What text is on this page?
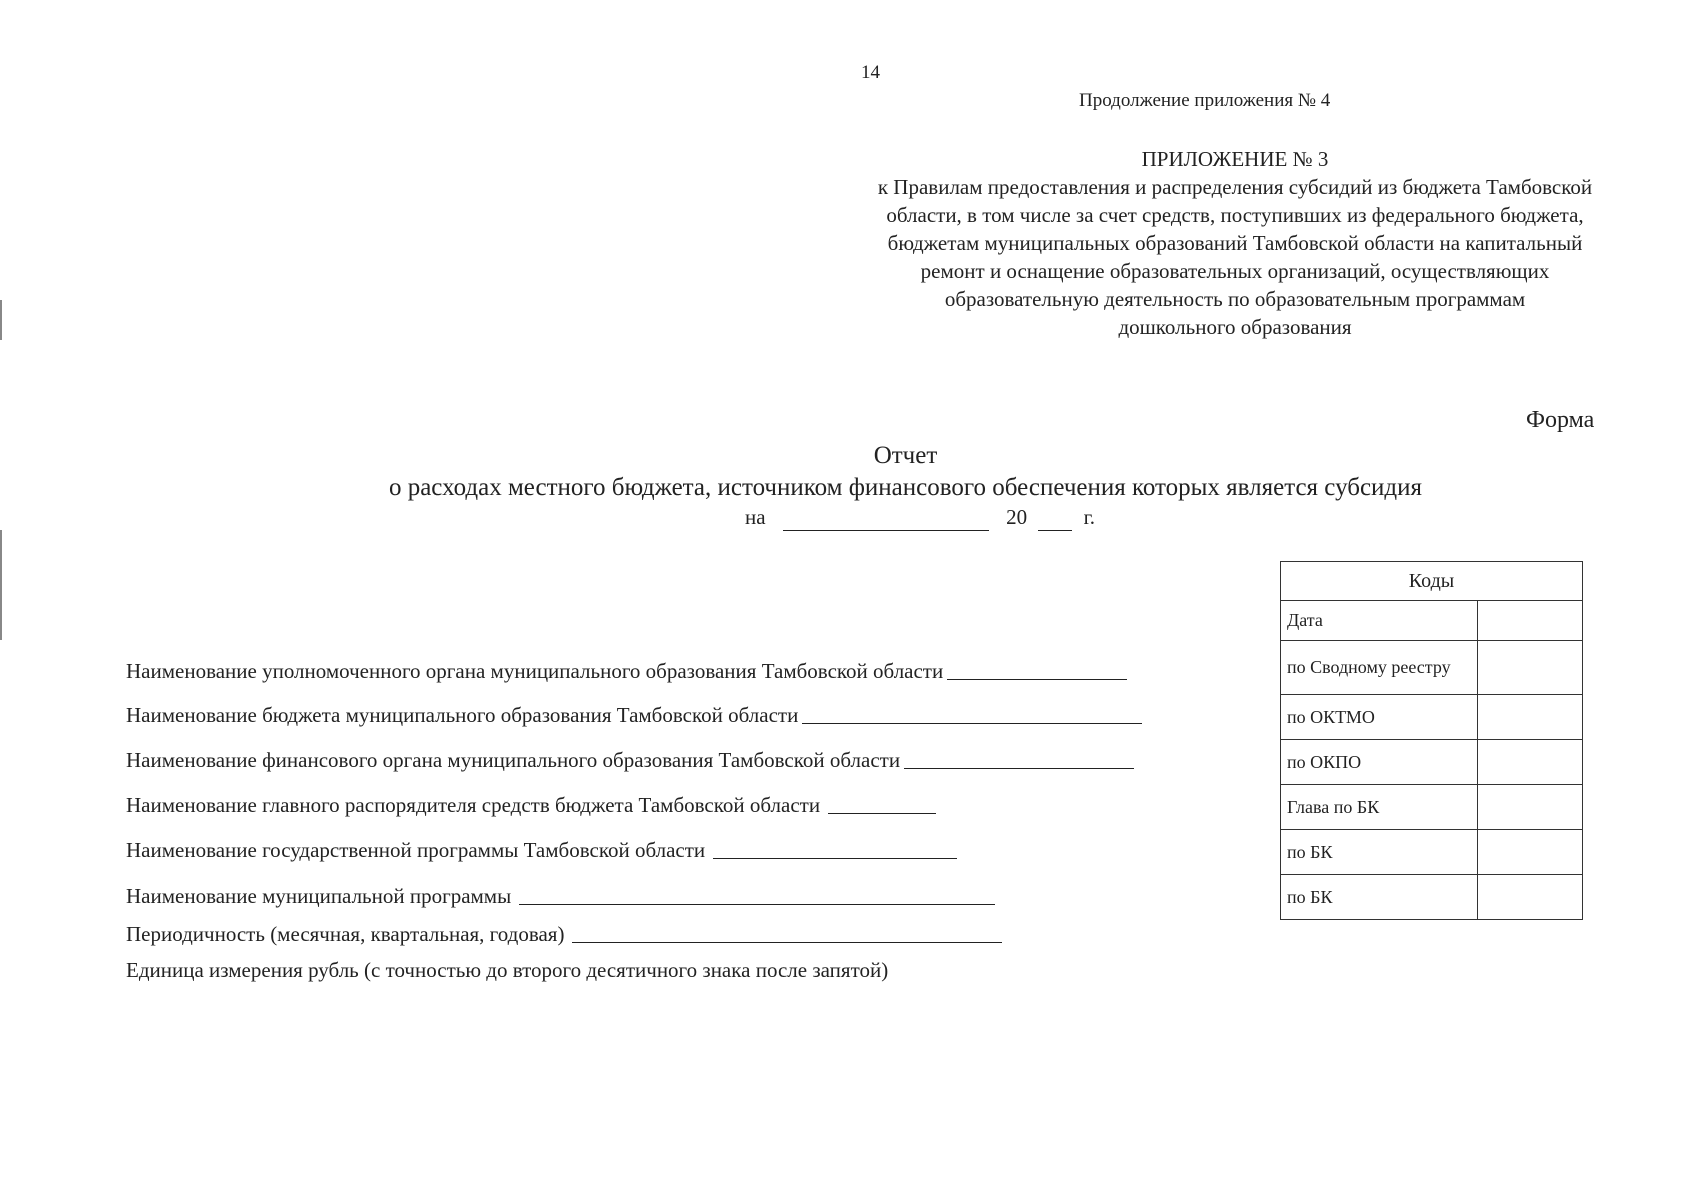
14
Продолжение приложения № 4
ПРИЛОЖЕНИЕ № 3
к Правилам предоставления и распределения субсидий из бюджета Тамбовской
области, в том числе за счет средств, поступивших из федерального бюджета,
бюджетам муниципальных образований Тамбовской области на капитальный
ремонт и оснащение образовательных организаций, осуществляющих
образовательную деятельность по образовательным программам
дошкольного образования
Форма
Отчет
о расходах местного бюджета, источником финансового обеспечения которых является субсидия
на	20	г.
Наименование уполномоченного органа муниципального образования Тамбовской области
Наименование бюджета муниципального образования Тамбовской области
Наименование финансового органа муниципального образования Тамбовской области
Наименование главного распорядителя средств бюджета Тамбовской области
Наименование государственной программы Тамбовской области
Наименование муниципальной программы
Периодичность (месячная, квартальная, годовая)
Единица измерения рубль (с точностью до второго десятичного знака после запятой)
Коды	
Дата	
по Сводному реестру	
по ОКТМО	
по ОКПО	
Глава по БК	
по БК	
по БК	
